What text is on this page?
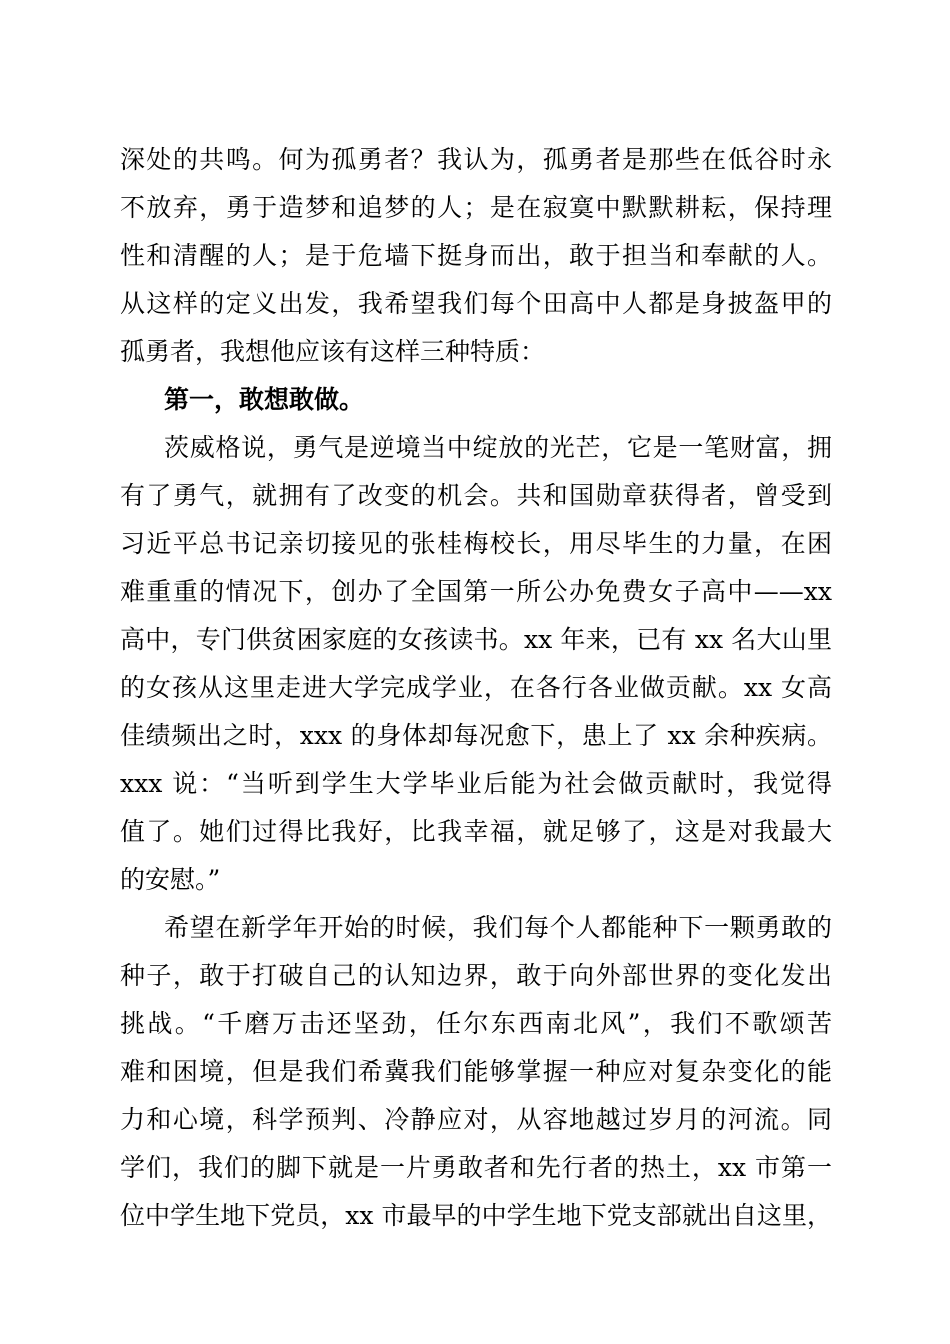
深处的共鸣。何为孤勇者？我认为，孤勇者是那些在低谷时永
不放弃，勇于造梦和追梦的人；是在寂寞中默默耕耘，保持理
性和清醒的人；是于危墙下挺身而出，敢于担当和奉献的人。
从这样的定义出发，我希望我们每个田高中人都是身披盔甲的
孤勇者，我想他应该有这样三种特质：
第一，敢想敢做。
茨威格说，勇气是逆境当中绽放的光芒，它是一笔财富，拥
有了勇气，就拥有了改变的机会。共和国勋章获得者，曾受到
习近平总书记亲切接见的张桂梅校长，用尽毕生的力量，在困
难重重的情况下，创办了全国第一所公办免费女子高中——xx
高中，专门供贫困家庭的女孩读书。xx 年来，已有 xx 名大山里
的女孩从这里走进大学完成学业，在各行各业做贡献。xx 女高
佳绩频出之时，xxx 的身体却每况愈下，患上了 xx 余种疾病。
xxx 说：“当听到学生大学毕业后能为社会做贡献时，我觉得
值了。她们过得比我好，比我幸福，就足够了，这是对我最大
的安慰。”
希望在新学年开始的时候，我们每个人都能种下一颗勇敢的
种子，敢于打破自己的认知边界，敢于向外部世界的变化发出
挑战。“千磨万击还坚劲，任尔东西南北风”，我们不歌颂苦
难和困境，但是我们希冀我们能够掌握一种应对复杂变化的能
力和心境，科学预判、冷静应对，从容地越过岁月的河流。同
学们，我们的脚下就是一片勇敢者和先行者的热土，xx 市第一
位中学生地下党员，xx 市最早的中学生地下党支部就出自这里，
